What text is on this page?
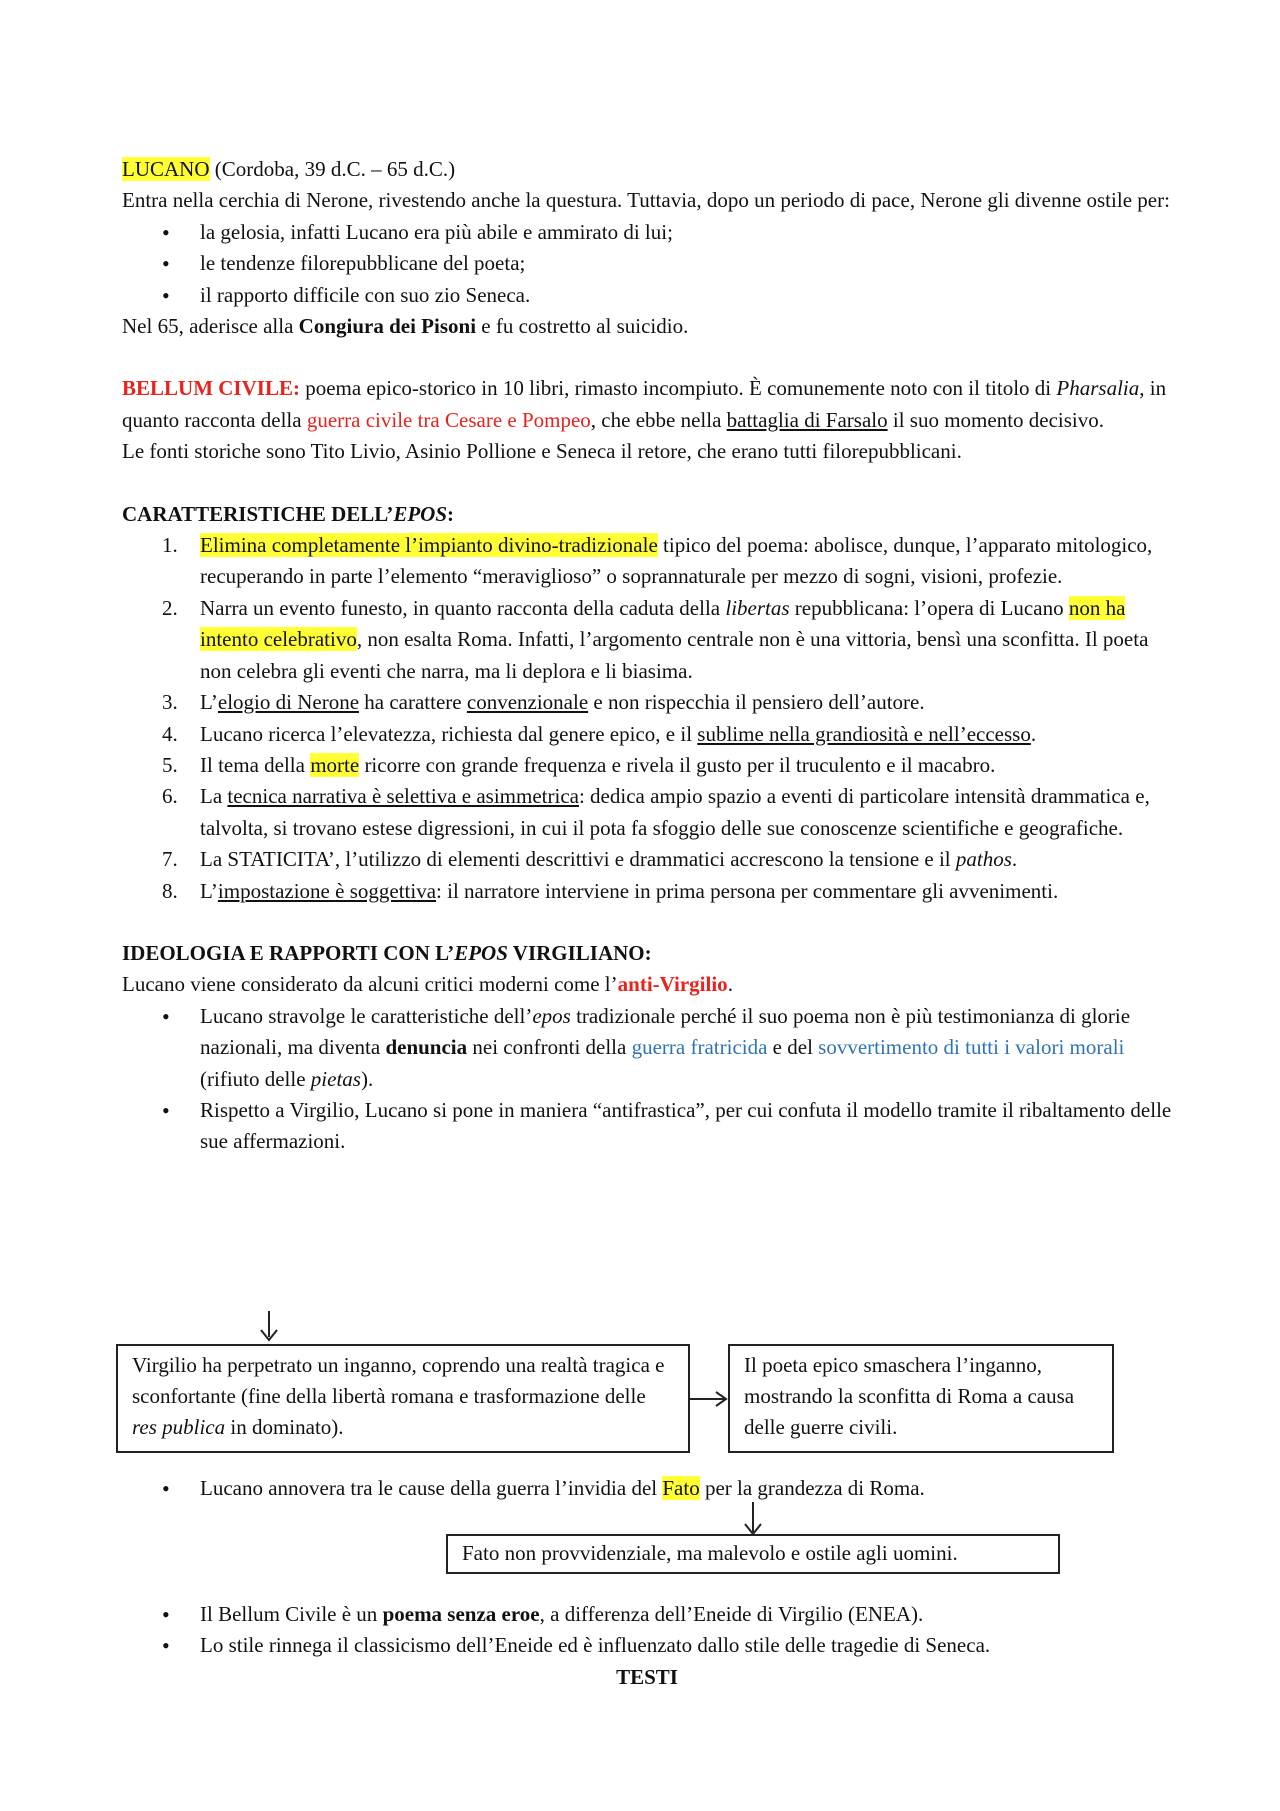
LUCANO (Cordoba, 39 d.C. – 65 d.C.)

Entra nella cerchia di Nerone, rivestendo anche la questura. Tuttavia, dopo un periodo di pace, Nerone gli divenne ostile per:

• la gelosia, infatti Lucano era più abile e ammirato di lui;
• le tendenze filorepubblicane del poeta;
• il rapporto difficile con suo zio Seneca.

Nel 65, aderisce alla Congiura dei Pisoni e fu costretto al suicidio.

BELLUM CIVILE: poema epico-storico in 10 libri, rimasto incompiuto. È comunemente noto con il titolo di Pharsalia, in quanto racconta della guerra civile tra Cesare e Pompeo, che ebbe nella battaglia di Farsalo il suo momento decisivo.

Le fonti storiche sono Tito Livio, Asinio Pollione e Seneca il retore, che erano tutti filorepubblicani.

CARATTERISTICHE DELL’EPOS:

1. Elimina completamente l’impianto divino-tradizionale tipico del poema: abolisce, dunque, l’apparato mitologico, recuperando in parte l’elemento “meraviglioso” o soprannaturale per mezzo di sogni, visioni, profezie.
2. Narra un evento funesto, in quanto racconta della caduta della libertas repubblicana: l’opera di Lucano non ha intento celebrativo, non esalta Roma. Infatti, l’argomento centrale non è una vittoria, bensì una sconfitta. Il poeta non celebra gli eventi che narra, ma li deplora e li biasima.
3. L’elogio di Nerone ha carattere convenzionale e non rispecchia il pensiero dell’autore.
4. Lucano ricerca l’elevatezza, richiesta dal genere epico, e il sublime nella grandiosità e nell’eccesso.
5. Il tema della morte ricorre con grande frequenza e rivela il gusto per il truculento e il macabro.
6. La tecnica narrativa è selettiva e asimmetrica: dedica ampio spazio a eventi di particolare intensità drammatica e, talvolta, si trovano estese digressioni, in cui il pota fa sfoggio delle sue conoscenze scientifiche e geografiche.
7. La STATICITA’, l’utilizzo di elementi descrittivi e drammatici accrescono la tensione e il pathos.
8. L’impostazione è soggettiva: il narratore interviene in prima persona per commentare gli avvenimenti.

IDEOLOGIA E RAPPORTI CON L’EPOS VIRGILIANO:

Lucano viene considerato da alcuni critici moderni come l’anti-Virgilio.

• Lucano stravolge le caratteristiche dell’epos tradizionale perché il suo poema non è più testimonianza di glorie nazionali, ma diventa denuncia nei confronti della guerra fratricida e del sovvertimento di tutti i valori morali (rifiuto delle pietas).
• Rispetto a Virgilio, Lucano si pone in maniera “antifrastica”, per cui confuta il modello tramite il ribaltamento delle sue affermazioni.
Virgilio ha perpetrato un inganno, coprendo una realtà tragica e sconfortante (fine della libertà romana e trasformazione delle res publica in dominato).
Il poeta epico smaschera l’inganno, mostrando la sconfitta di Roma a causa delle guerre civili.
• Lucano annovera tra le cause della guerra l’invidia del Fato per la grandezza di Roma.
Fato non provvidenziale, ma malevolo e ostile agli uomini.
• Il Bellum Civile è un poema senza eroe, a differenza dell’Eneide di Virgilio (ENEA).
• Lo stile rinnega il classicismo dell’Eneide ed è influenzato dallo stile delle tragedie di Seneca.

TESTI
